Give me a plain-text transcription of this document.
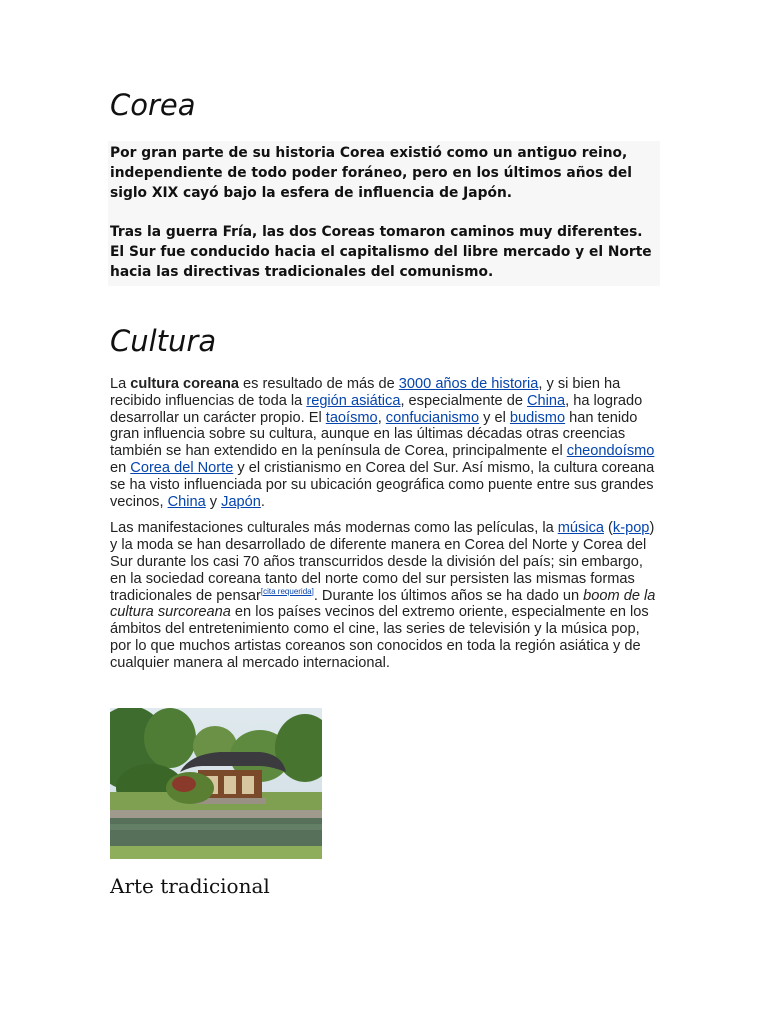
Corea

Por gran parte de su historia Corea existió como un antiguo reino, independiente de todo poder foráneo, pero en los últimos años del siglo XIX cayó bajo la esfera de influencia de Japón.

Tras la guerra Fría, las dos Coreas tomaron caminos muy diferentes. El Sur fue conducido hacia el capitalismo del libre mercado y el Norte hacia las directivas tradicionales del comunismo.

Cultura

La cultura coreana es resultado de más de 3000 años de historia, y si bien ha recibido influencias de toda la región asiática, especialmente de China, ha logrado desarrollar un carácter propio. El taoísmo, confucianismo y el budismo han tenido gran influencia sobre su cultura, aunque en las últimas décadas otras creencias también se han extendido en la península de Corea, principalmente el cheondoísmo en Corea del Norte y el cristianismo en Corea del Sur. Así mismo, la cultura coreana se ha visto influenciada por su ubicación geográfica como puente entre sus grandes vecinos, China y Japón.

Las manifestaciones culturales más modernas como las películas, la música (k-pop) y la moda se han desarrollado de diferente manera en Corea del Norte y Corea del Sur durante los casi 70 años transcurridos desde la división del país; sin embargo, en la sociedad coreana tanto del norte como del sur persisten las mismas formas tradicionales de pensar[cita requerida]. Durante los últimos años se ha dado un boom de la cultura surcoreana en los países vecinos del extremo oriente, especialmente en los ámbitos del entretenimiento como el cine, las series de televisión y la música pop, por lo que muchos artistas coreanos son conocidos en toda la región asiática y de cualquier manera al mercado internacional.

Arte tradicional
